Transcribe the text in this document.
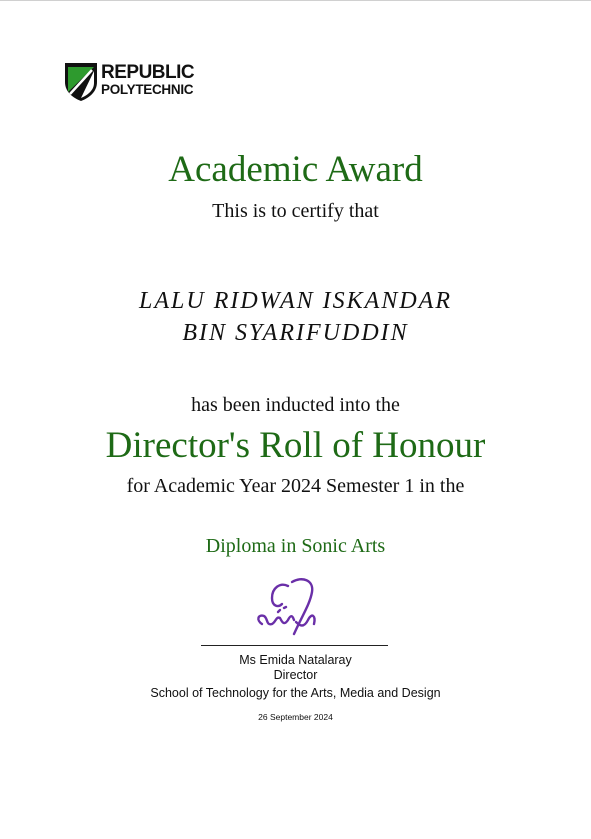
REPUBLIC
POLYTECHNIC
Academic Award
This is to certify that
LALU RIDWAN ISKANDAR
BIN SYARIFUDDIN
has been inducted into the
Director's Roll of Honour
for Academic Year 2024 Semester 1 in the
Diploma in Sonic Arts
Ms Emida Natalaray
Director
School of Technology for the Arts, Media and Design
26 September 2024
